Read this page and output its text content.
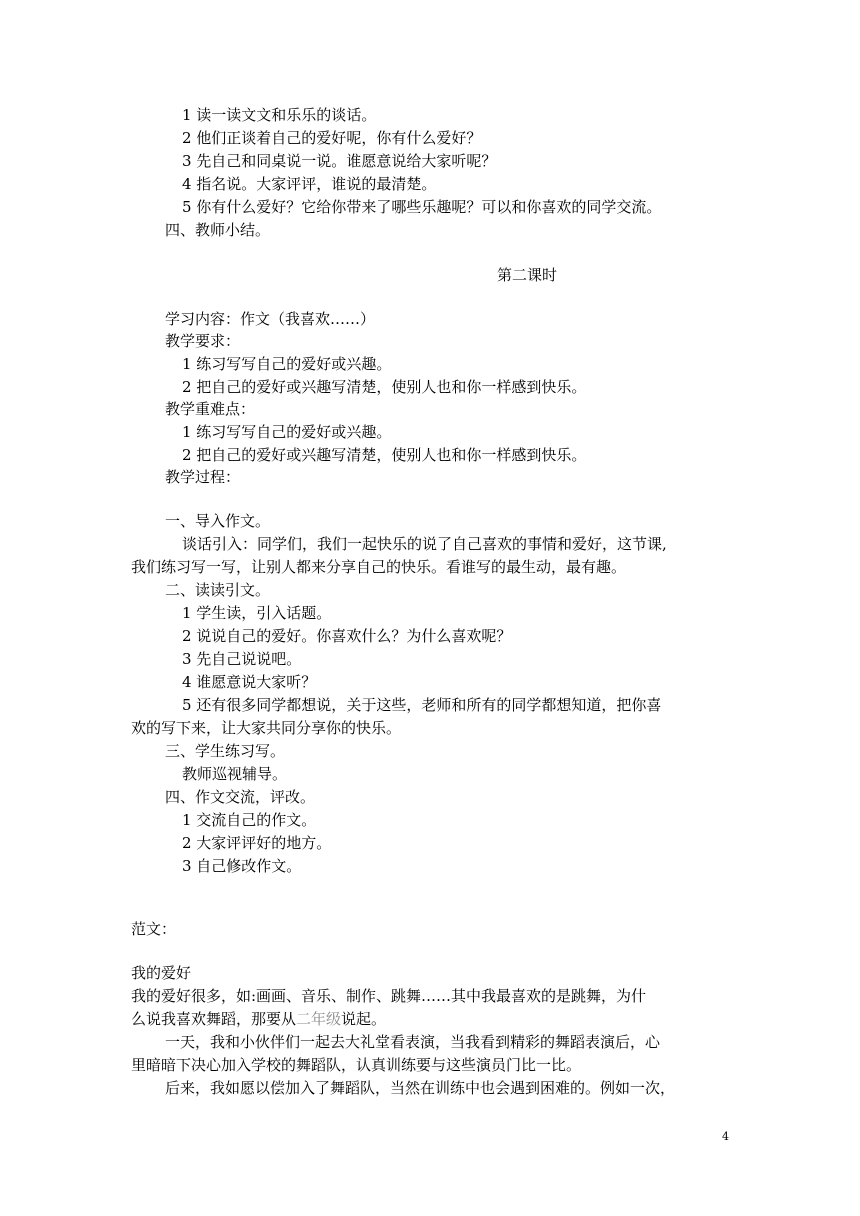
1 读一读文文和乐乐的谈话。
2 他们正谈着自己的爱好呢，你有什么爱好？
3 先自己和同桌说一说。谁愿意说给大家听呢？
4 指名说。大家评评，谁说的最清楚。
5 你有什么爱好？它给你带来了哪些乐趣呢？可以和你喜欢的同学交流。
四、教师小结。
第二课时
学习内容：作文（我喜欢……）
教学要求：
1 练习写写自己的爱好或兴趣。
2 把自己的爱好或兴趣写清楚，使别人也和你一样感到快乐。
教学重难点：
1 练习写写自己的爱好或兴趣。
2 把自己的爱好或兴趣写清楚，使别人也和你一样感到快乐。
教学过程：
一、导入作文。
谈话引入：同学们，我们一起快乐的说了自己喜欢的事情和爱好，这节课,
我们练习写一写，让别人都来分享自己的快乐。看谁写的最生动，最有趣。
二、读读引文。
1 学生读，引入话题。
2 说说自己的爱好。你喜欢什么？为什么喜欢呢？
3 先自己说说吧。
4 谁愿意说大家听？
5 还有很多同学都想说，关于这些，老师和所有的同学都想知道，把你喜
欢的写下来，让大家共同分享你的快乐。
三、学生练习写。
教师巡视辅导。
四、作文交流，评改。
1 交流自己的作文。
2 大家评评好的地方。
3 自己修改作文。
范文：
我的爱好
我的爱好很多，如:画画、音乐、制作、跳舞……其中我最喜欢的是跳舞，为什
么说我喜欢舞蹈，那要从二年级说起。
一天，我和小伙伴们一起去大礼堂看表演，当我看到精彩的舞蹈表演后，心
里暗暗下决心加入学校的舞蹈队，认真训练要与这些演员门比一比。
后来，我如愿以偿加入了舞蹈队，当然在训练中也会遇到困难的。例如一次，
4
